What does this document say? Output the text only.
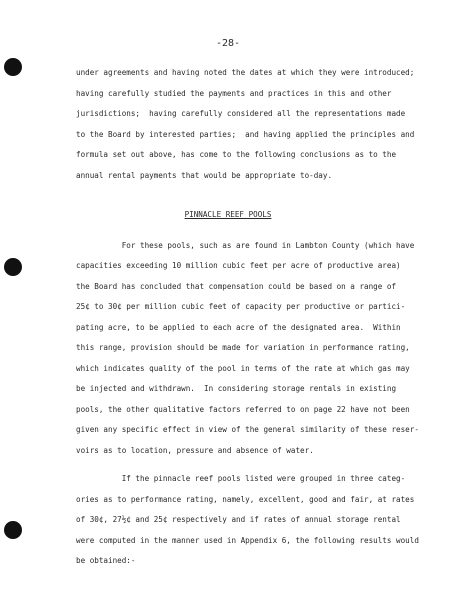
-28-
under agreements and having noted the dates at which they were introduced;
having carefully studied the payments and practices in this and other
jurisdictions;  having carefully considered all the representations made
to the Board by interested parties;  and having applied the principles and
formula set out above, has come to the following conclusions as to the
annual rental payments that would be appropriate to-day.
PINNACLE REEF POOLS
For these pools, such as are found in Lambton County (which have
capacities exceeding 10 million cubic feet per acre of productive area)
the Board has concluded that compensation could be based on a range of
25¢ to 30¢ per million cubic feet of capacity per productive or partici-
pating acre, to be applied to each acre of the designated area.  Within
this range, provision should be made for variation in performance rating,
which indicates quality of the pool in terms of the rate at which gas may
be injected and withdrawn.  In considering storage rentals in existing
pools, the other qualitative factors referred to on page 22 have not been
given any specific effect in view of the general similarity of these reser-
voirs as to location, pressure and absence of water.
If the pinnacle reef pools listed were grouped in three categ-
ories as to performance rating, namely, excellent, good and fair, at rates
of 30¢, 27½¢ and 25¢ respectively and if rates of annual storage rental
were computed in the manner used in Appendix 6, the following results would
be obtained:-
